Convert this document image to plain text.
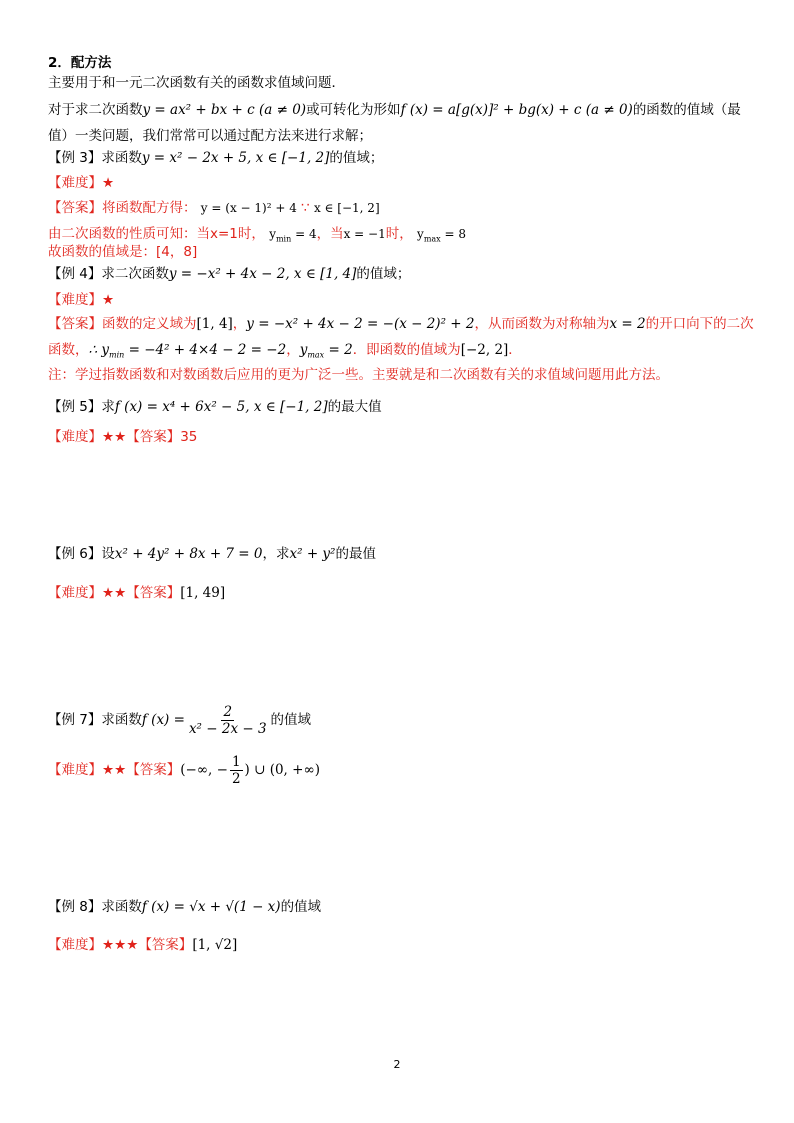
2．配方法
主要用于和一元二次函数有关的函数求值域问题．
对于求二次函数y = ax² + bx + c (a ≠ 0)或可转化为形如f (x) = a[g(x)]² + bg(x) + c (a ≠ 0)的函数的值域（最
值）一类问题，我们常常可以通过配方法来进行求解；
【例 3】求函数y = x² − 2x + 5, x ∈ [−1, 2]的值域；
【难度】★
【答案】将函数配方得： y = (x − 1)² + 4 ∵ x ∈ [−1, 2]
由二次函数的性质可知：当x=1时， $y_{min} = 4$，当x = −1时， $y_{max} = 8$
故函数的值域是：[4，8]
【例 4】求二次函数y = −x² + 4x − 2, x ∈ [1, 4]的值域；
【难度】★
【答案】函数的定义域为[1, 4]，y = −x² + 4x − 2 = −(x − 2)² + 2，从而函数为对称轴为x = 2的开口向下的二次
函数，∴ $y_{min} = -4^2 + 4\times 4 - 2 = -2$，$y_{max} = 2$．即函数的值域为[−2, 2]．
注：学过指数函数和对数函数后应用的更为广泛一些。主要就是和二次函数有关的求值域问题用此方法。
【例 5】求f (x) = x⁴ + 6x² − 5, x ∈ [−1, 2]的最大值
【难度】★★【答案】35
【例 6】设x² + 4y² + 8x + 7 = 0，求x² + y²的最值
【难度】★★【答案】[1, 49]
【例 7】求函数f $(x) = \frac{2}{\text{x² − 2x − 3}}$ 的值域
【难度】★★【答案】(−∞, − $\frac{1}{2}$ ) ∪ (0, +∞)
【例 8】求函数f (x) = √x + √(1 − x)的值域
【难度】★★★【答案】[1, √2]
2
